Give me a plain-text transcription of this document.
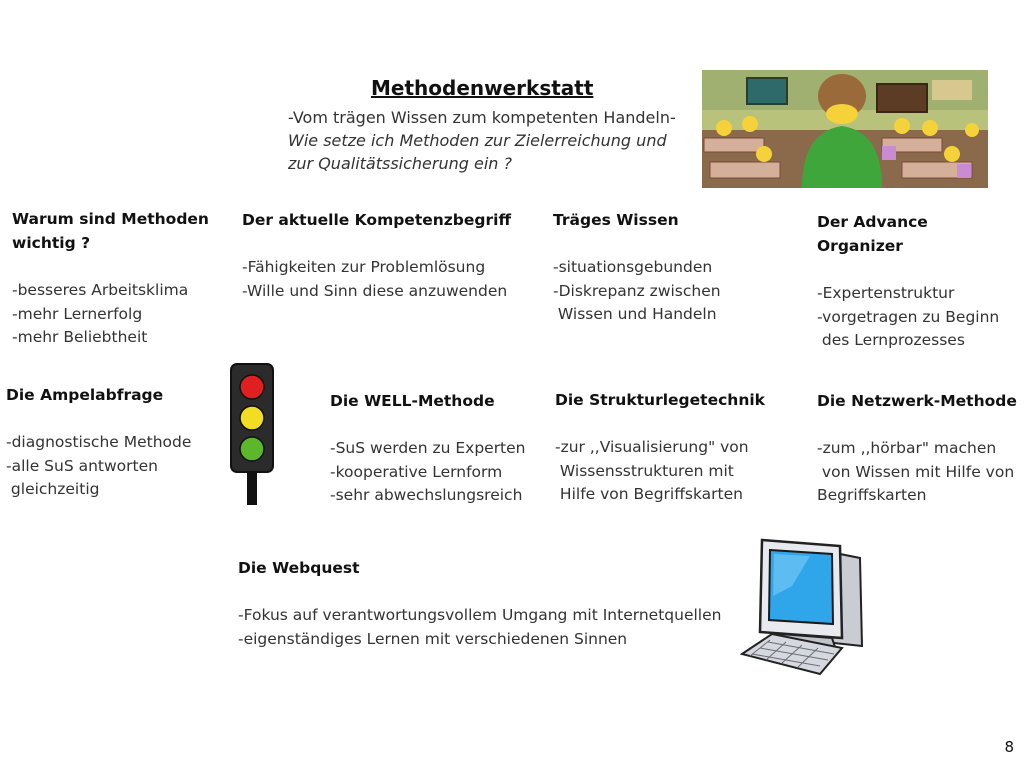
Methodenwerkstatt

-Vom trägen Wissen zum kompetenten Handeln-
Wie setze ich Methoden zur Zielerreichung und
zur Qualitätssicherung ein ?

Warum sind Methoden
wichtig ?
-besseres Arbeitsklima
-mehr Lernerfolg
-mehr Beliebtheit
Der aktuelle Kompetenzbegriff
-Fähigkeiten zur Problemlösung
-Wille und Sinn diese anzuwenden
Träges Wissen
-situationsgebunden
-Diskrepanz zwischen
Wissen und Handeln
Der Advance Organizer
-Expertenstruktur
-vorgetragen zu Beginn
des Lernprozesses
Die Ampelabfrage
-diagnostische Methode
-alle SuS antworten
gleichzeitig
Die WELL-Methode
-SuS werden zu Experten
-kooperative Lernform
-sehr abwechslungsreich
Die Strukturlegetechnik
-zur ,,Visualisierung" von
Wissensstrukturen mit
Hilfe von Begriffskarten
Die Netzwerk-Methode
-zum ,,hörbar" machen
von Wissen mit Hilfe von
Begriffskarten
Die Webquest
-Fokus auf verantwortungsvollem Umgang mit Internetquellen
-eigenständiges Lernen mit verschiedenen Sinnen
8
